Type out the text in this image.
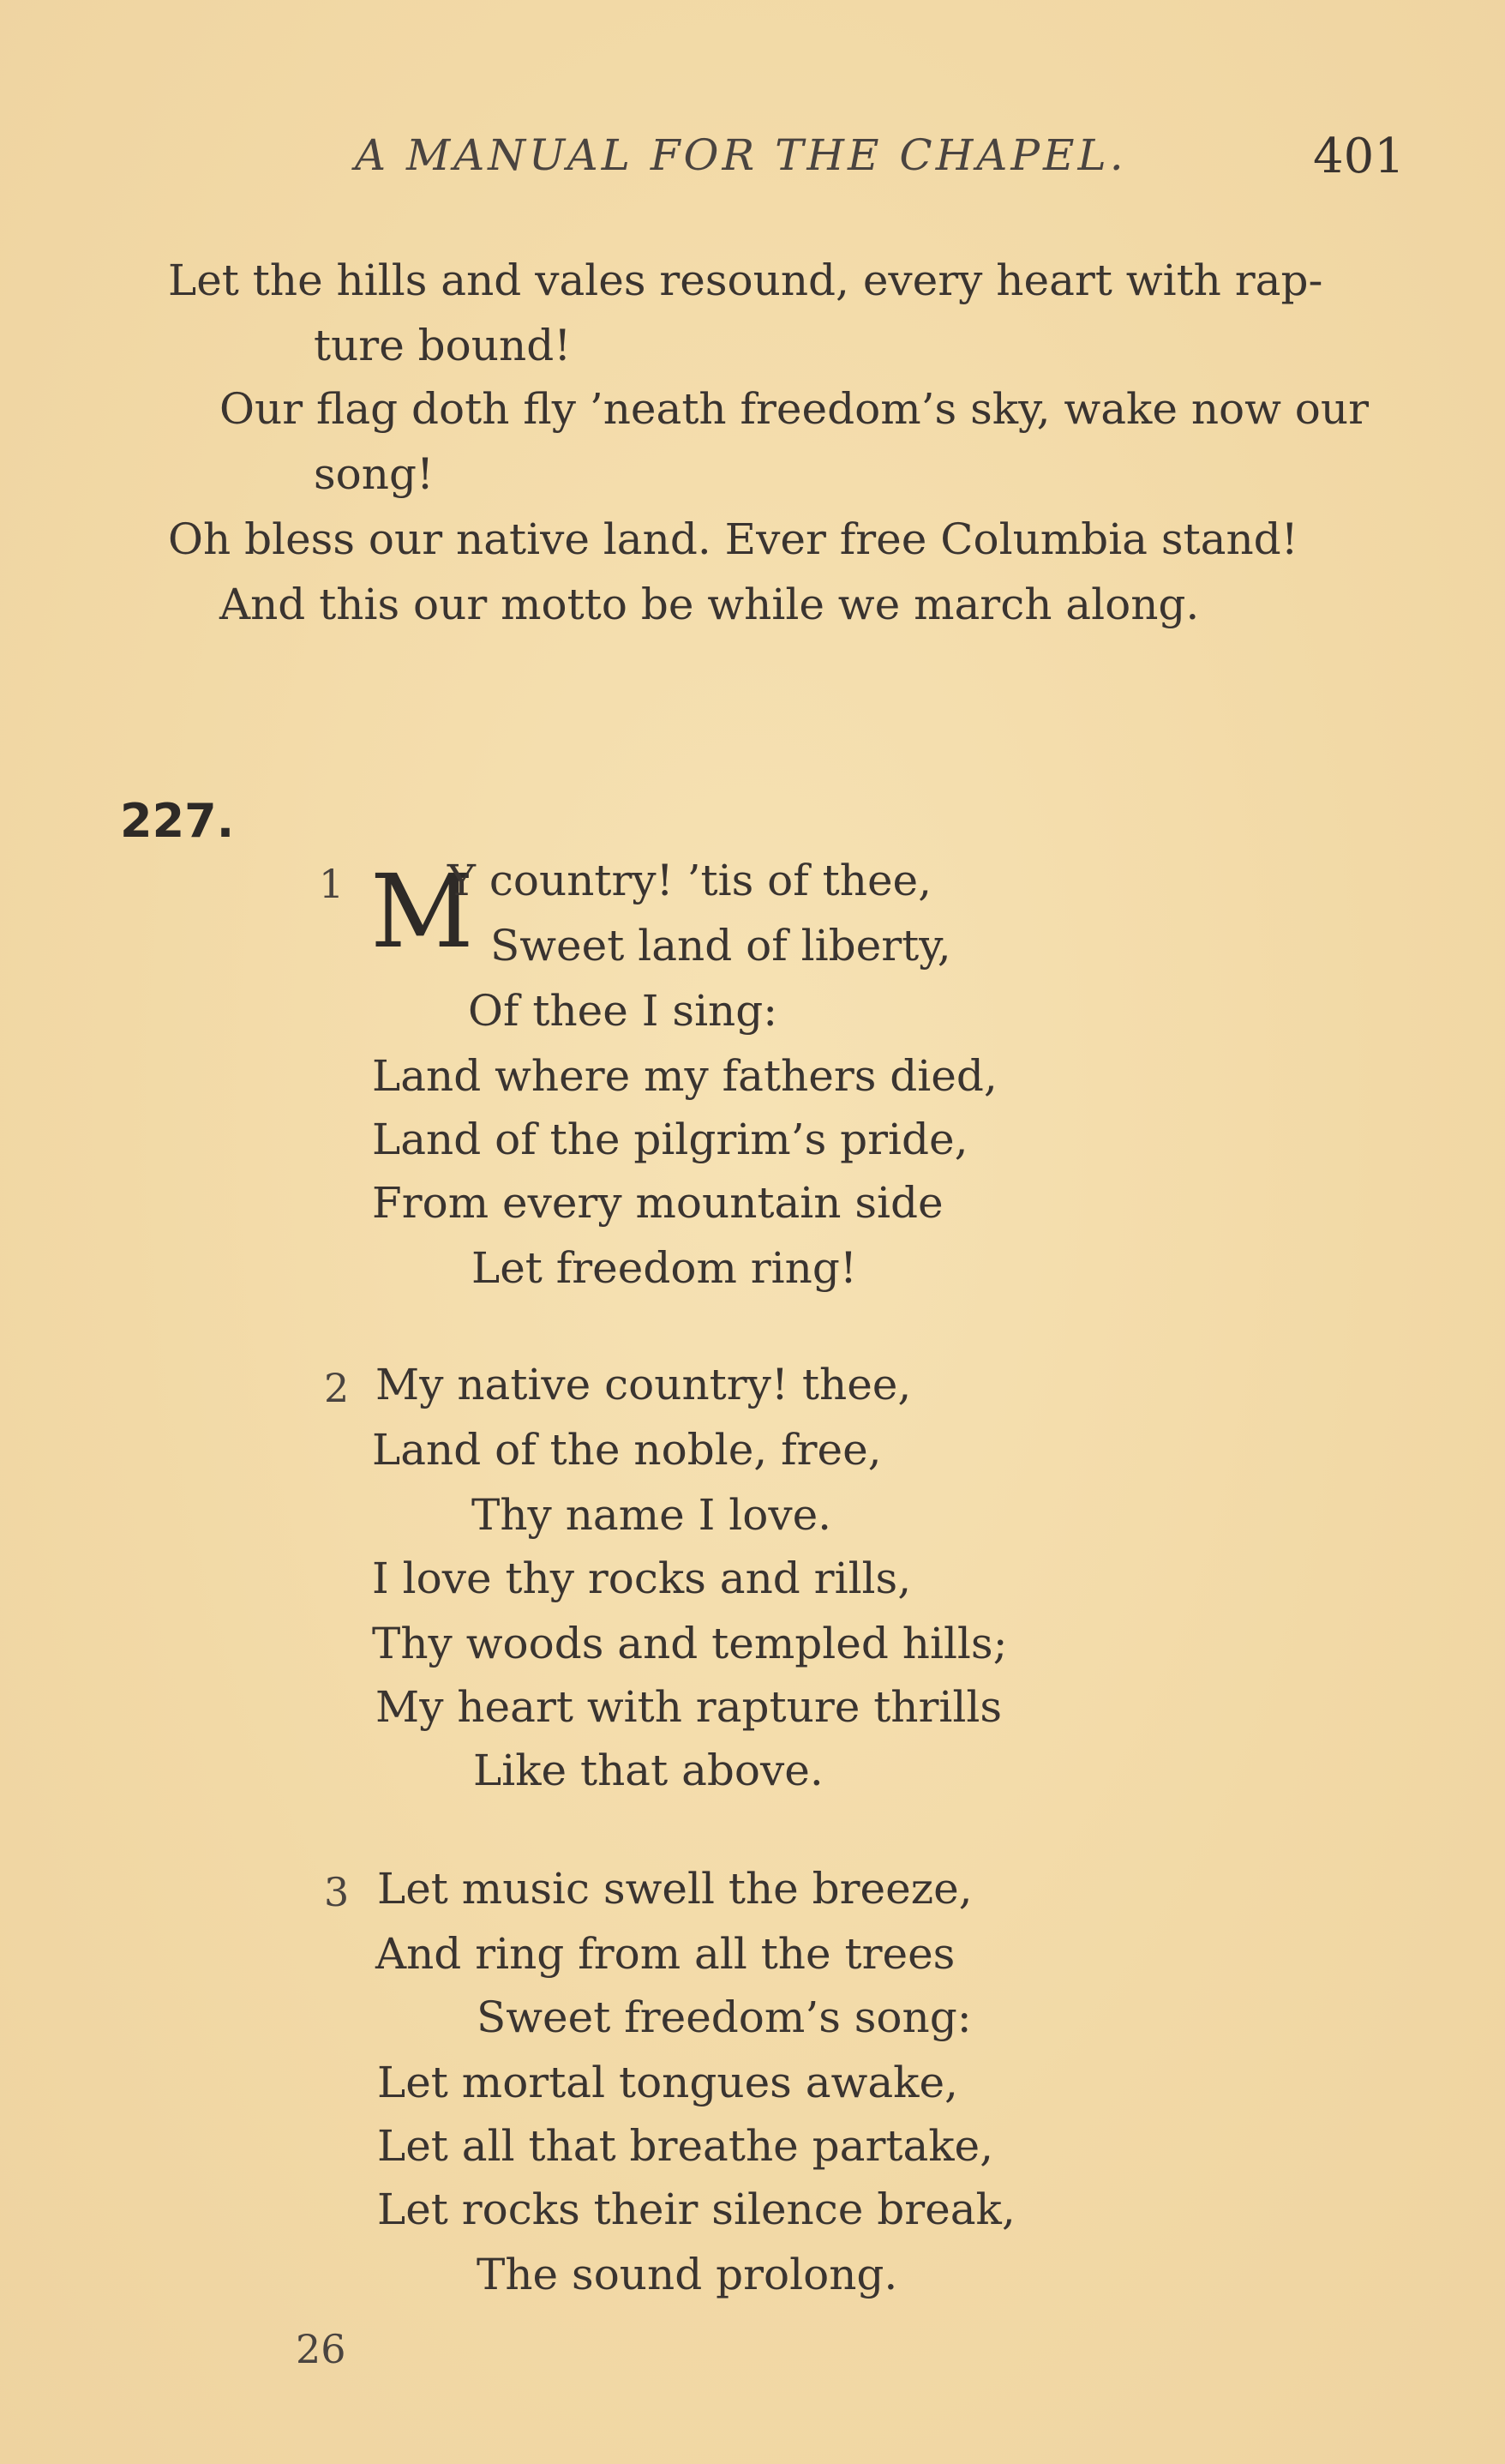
A MANUAL FOR THE CHAPEL.	401
Let the hills and vales resound, every heart with rap-
ture bound!
Our flag doth fly ’neath freedom’s sky, wake now our
song!
Oh bless our native land. Ever free Columbia stand!
And this our motto be while we march along.
227.
1 M
Y country! ’tis of thee,
Sweet land of liberty,
Of thee I sing:
Land where my fathers died,
Land of the pilgrim’s pride,
From every mountain side
Let freedom ring!
2 My native country! thee,
Land of the noble, free,
Thy name I love.
I love thy rocks and rills,
Thy woods and templed hills;
My heart with rapture thrills
Like that above.
3 Let music swell the breeze,
And ring from all the trees
Sweet freedom’s song:
Let mortal tongues awake,
Let all that breathe partake,
Let rocks their silence break,
The sound prolong.
26
